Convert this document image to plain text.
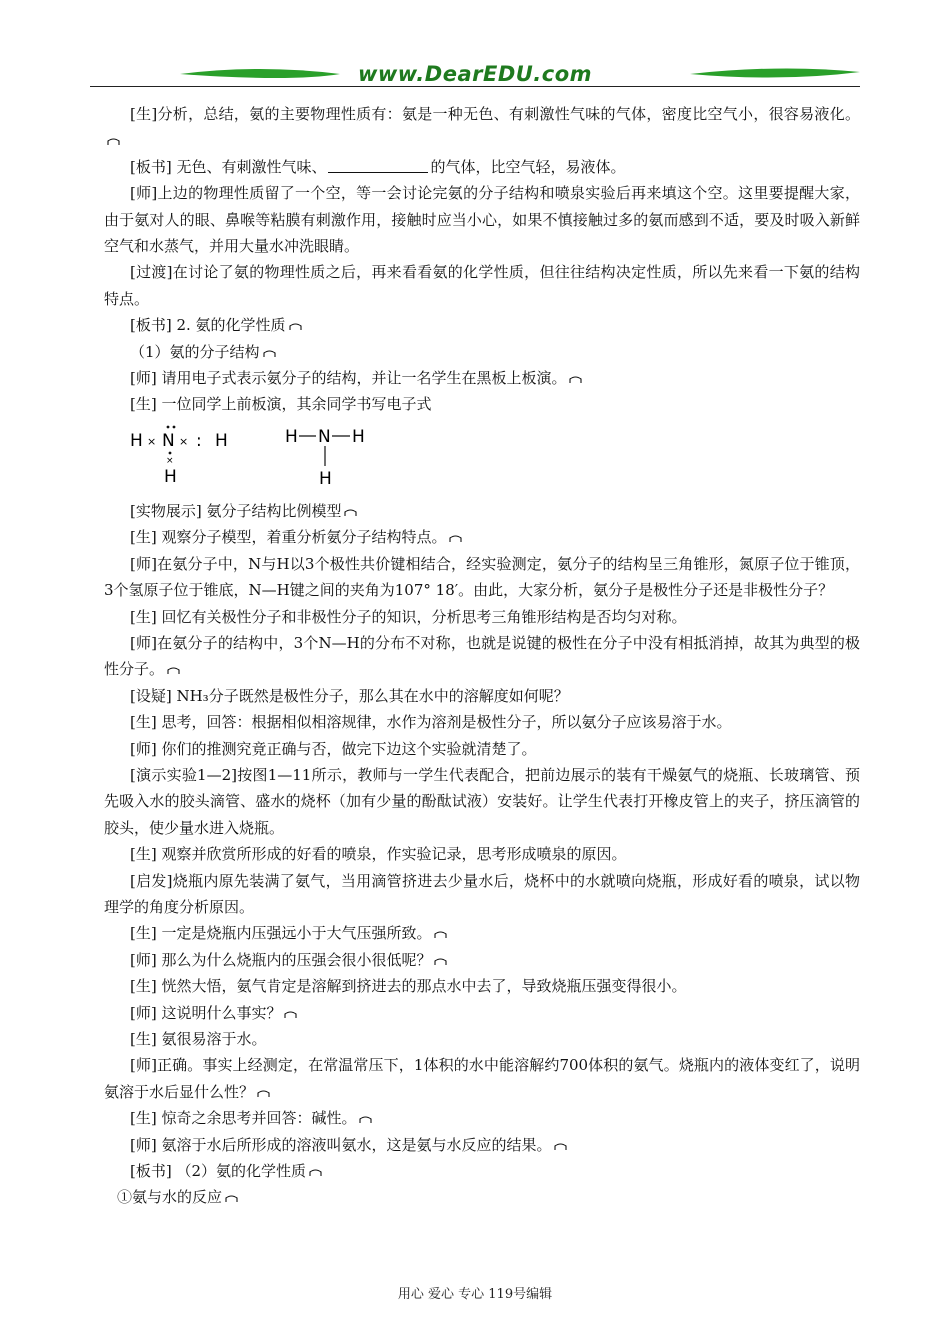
www.DearEDU.com

[生]分析，总结，氨的主要物理性质有：氨是一种无色、有刺激性气味的气体，密度比空气小，很容易液化。

[板书] 无色、有刺激性气味、	的气体，比空气轻，易液体。

[师]上边的物理性质留了一个空，等一会讨论完氨的分子结构和喷泉实验后再来填这个空。这里要提醒大家，由于氨对人的眼、鼻喉等粘膜有刺激作用，接触时应当小心，如果不慎接触过多的氨而感到不适，要及时吸入新鲜空气和水蒸气，并用大量水冲洗眼睛。

[过渡]在讨论了氨的物理性质之后，再来看看氨的化学性质，但往往结构决定性质，所以先来看一下氨的结构特点。

[板书] 2. 氨的化学性质

（1）氨的分子结构

[师] 请用电子式表示氨分子的结构，并让一名学生在黑板上板演。

[生] 一位同学上前板演，其余同学书写电子式

H × N × : H
×
H
H N H
H

[实物展示] 氨分子结构比例模型

[生] 观察分子模型，着重分析氨分子结构特点。

[师]在氨分子中，N与H以3个极性共价键相结合，经实验测定，氨分子的结构呈三角锥形，氮原子位于锥顶，3个氢原子位于锥底，N—H键之间的夹角为107° 18′。由此，大家分析，氨分子是极性分子还是非极性分子？

[生] 回忆有关极性分子和非极性分子的知识，分析思考三角锥形结构是否均匀对称。

[师]在氨分子的结构中，3个N—H的分布不对称，也就是说键的极性在分子中没有相抵消掉，故其为典型的极性分子。

[设疑] NH₃分子既然是极性分子，那么其在水中的溶解度如何呢？

[生] 思考，回答：根据相似相溶规律，水作为溶剂是极性分子，所以氨分子应该易溶于水。

[师] 你们的推测究竟正确与否，做完下边这个实验就清楚了。

[演示实验1—2]按图1—11所示，教师与一学生代表配合，把前边展示的装有干燥氨气的烧瓶、长玻璃管、预先吸入水的胶头滴管、盛水的烧杯（加有少量的酚酞试液）安装好。让学生代表打开橡皮管上的夹子，挤压滴管的胶头，使少量水进入烧瓶。

[生] 观察并欣赏所形成的好看的喷泉，作实验记录，思考形成喷泉的原因。

[启发]烧瓶内原先装满了氨气，当用滴管挤进去少量水后，烧杯中的水就喷向烧瓶，形成好看的喷泉，试以物理学的角度分析原因。

[生] 一定是烧瓶内压强远小于大气压强所致。

[师] 那么为什么烧瓶内的压强会很小很低呢？

[生] 恍然大悟，氨气肯定是溶解到挤进去的那点水中去了，导致烧瓶压强变得很小。

[师] 这说明什么事实？

[生] 氨很易溶于水。

[师]正确。事实上经测定，在常温常压下，1体积的水中能溶解约700体积的氨气。烧瓶内的液体变红了，说明氨溶于水后显什么性？

[生] 惊奇之余思考并回答：碱性。

[师] 氨溶于水后所形成的溶液叫氨水，这是氨与水反应的结果。

[板书] （2）氨的化学性质

①氨与水的反应

用心 爱心 专心 119号编辑
